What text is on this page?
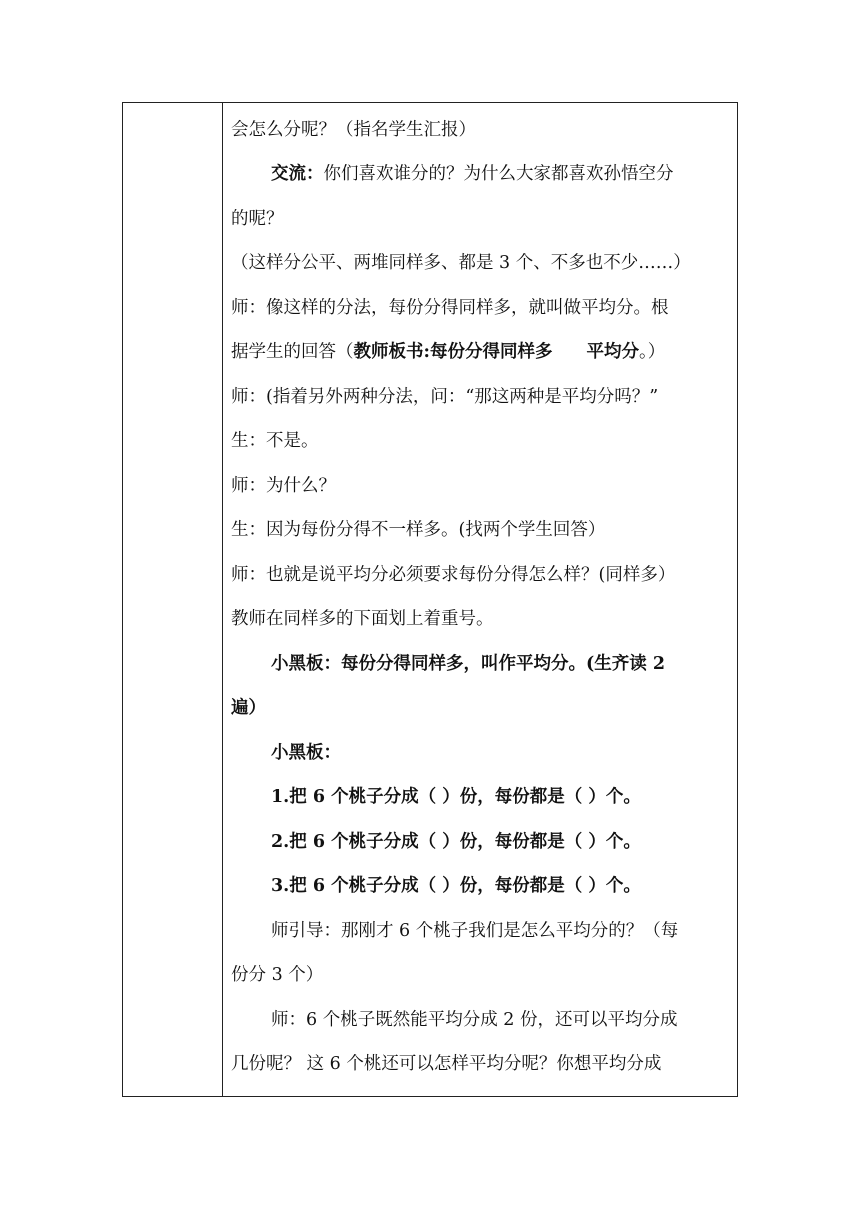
会怎么分呢？（指名学生汇报）
交流：你们喜欢谁分的？为什么大家都喜欢孙悟空分
的呢？
（这样分公平、两堆同样多、都是 3 个、不多也不少……）
师：像这样的分法，每份分得同样多，就叫做平均分。根
据学生的回答（教师板书:每份分得同样多 平均分。）
师：(指着另外两种分法，问：“那这两种是平均分吗？”
生：不是。
师：为什么？
生：因为每份分得不一样多。(找两个学生回答）
师：也就是说平均分必须要求每份分得怎么样？(同样多）
教师在同样多的下面划上着重号。
小黑板：每份分得同样多，叫作平均分。(生齐读 2
遍）
小黑板：
1.把 6 个桃子分成（ ）份，每份都是（ ）个。
2.把 6 个桃子分成（ ）份，每份都是（ ）个。
3.把 6 个桃子分成（ ）份，每份都是（ ）个。
师引导：那刚才 6 个桃子我们是怎么平均分的？（每
份分 3 个）
师：6 个桃子既然能平均分成 2 份，还可以平均分成
几份呢？ 这 6 个桃还可以怎样平均分呢？你想平均分成
